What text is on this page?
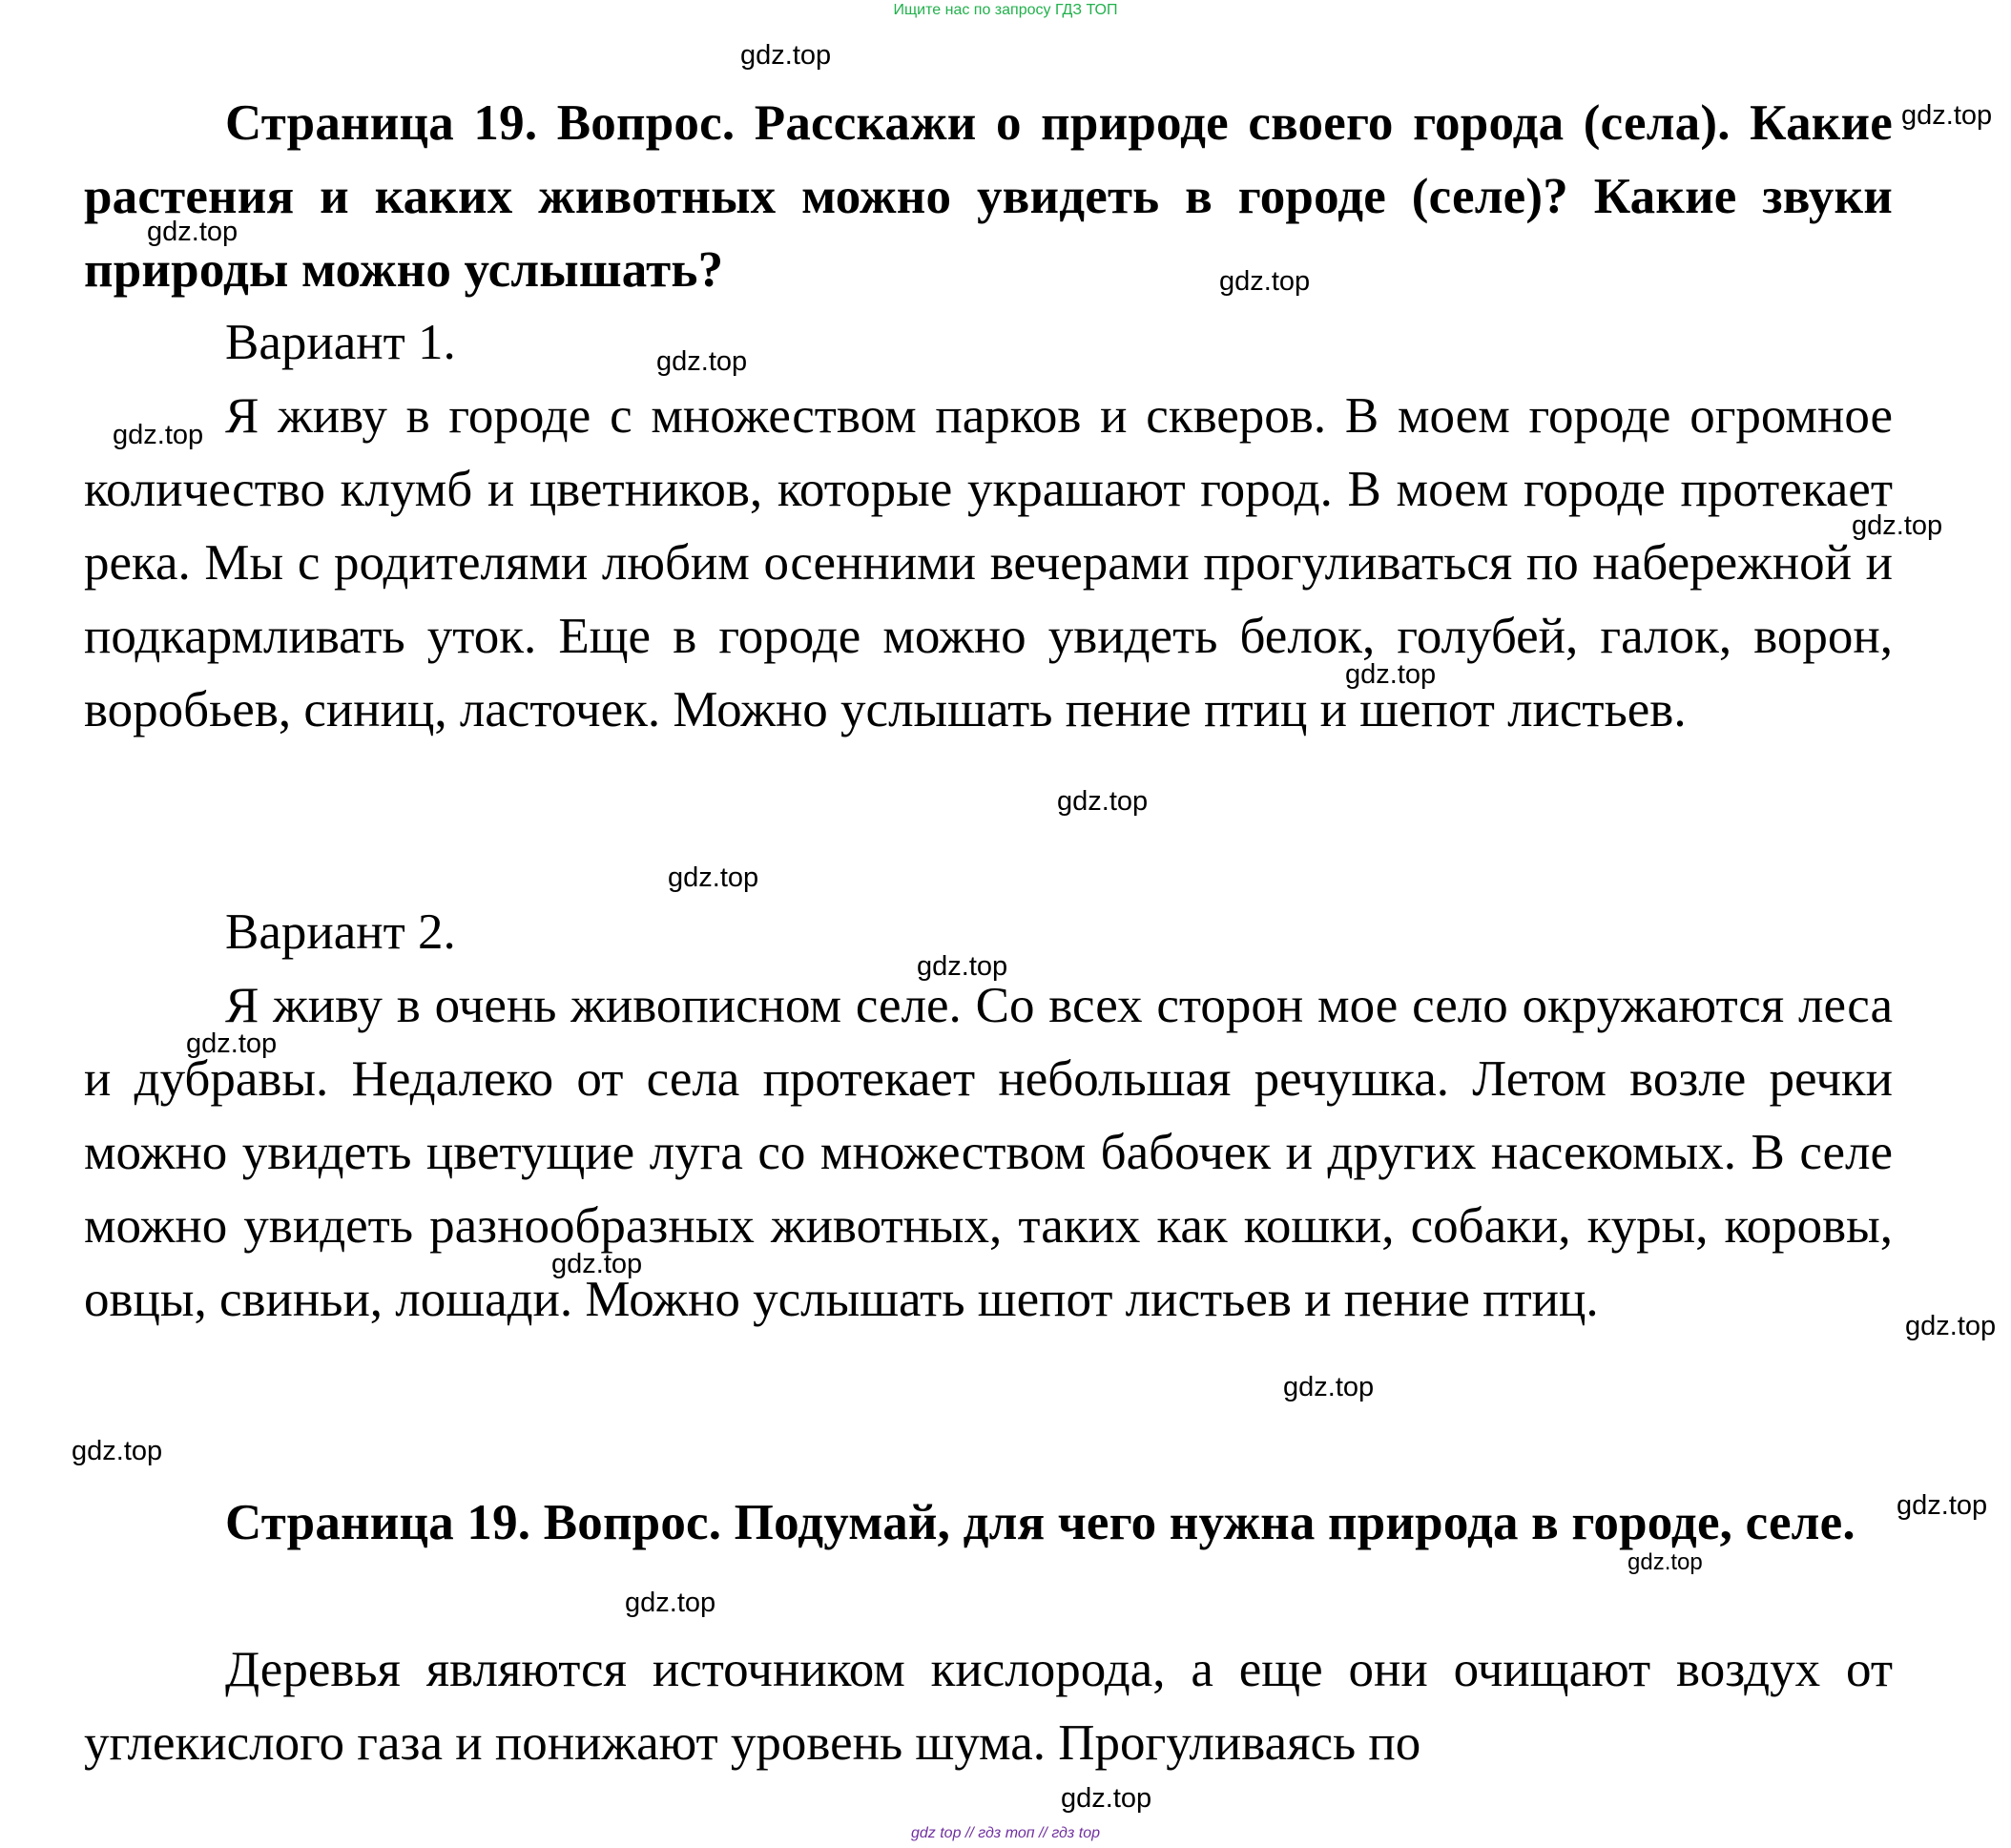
Ищите нас по запросу ГДЗ ТОП

Страница 19. Вопрос. Расскажи о природе своего города (села). Какие растения и каких животных можно увидеть в городе (селе)? Какие звуки природы можно услышать?

Вариант 1.

Я живу в городе с множеством парков и скверов. В моем городе огромное количество клумб и цветников, которые украшают город. В моем городе протекает река. Мы с родителями любим осенними вечерами прогуливаться по набережной и подкармливать уток. Еще в городе можно увидеть белок, голубей, галок, ворон, воробьев, синиц, ласточек. Можно услышать пение птиц и шепот листьев.

Вариант 2.

Я живу в очень живописном селе. Со всех сторон мое село окружаются леса и дубравы. Недалеко от села протекает небольшая речушка. Летом возле речки можно увидеть цветущие луга со множеством бабочек и других насекомых. В селе можно увидеть разнообразных животных, таких как кошки, собаки, куры, коровы, овцы, свиньи, лошади. Можно услышать шепот листьев и пение птиц.

Страница 19. Вопрос. Подумай, для чего нужна природа в городе, селе.

Деревья являются источником кислорода, а еще они очищают воздух от углекислого газа и понижают уровень шума. Прогуливаясь по

gdz.top
gdz.top
gdz.top
gdz.top
gdz.top
gdz.top
gdz.top
gdz.top
gdz.top
gdz.top
gdz.top
gdz.top
gdz.top
gdz.top
gdz.top
gdz.top
gdz.top
gdz.top
gdz.top
gdz.top
gdz top // гдз топ // гдз top
